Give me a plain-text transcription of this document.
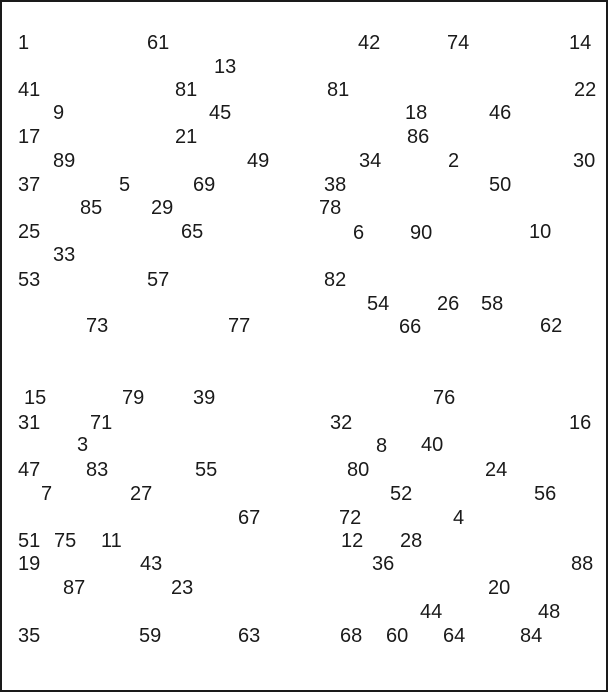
1	61	42	74	14
13
41	81	81	22
9	45	18	46
17	21	86
89	49	34	2	30
37	5	69	38	50
85 29	78
25	65	6 90	10
33
53	57	82
54 26 58
73	77	66	62
15	79 39	76
31 71	32	16
3	40
8
47 83	55	80	24
7	27	52	56
67	72	4
51 75 11	12 28
19	43	36	88
87	23	20
44	48
35	59	63	68 60 64	84
